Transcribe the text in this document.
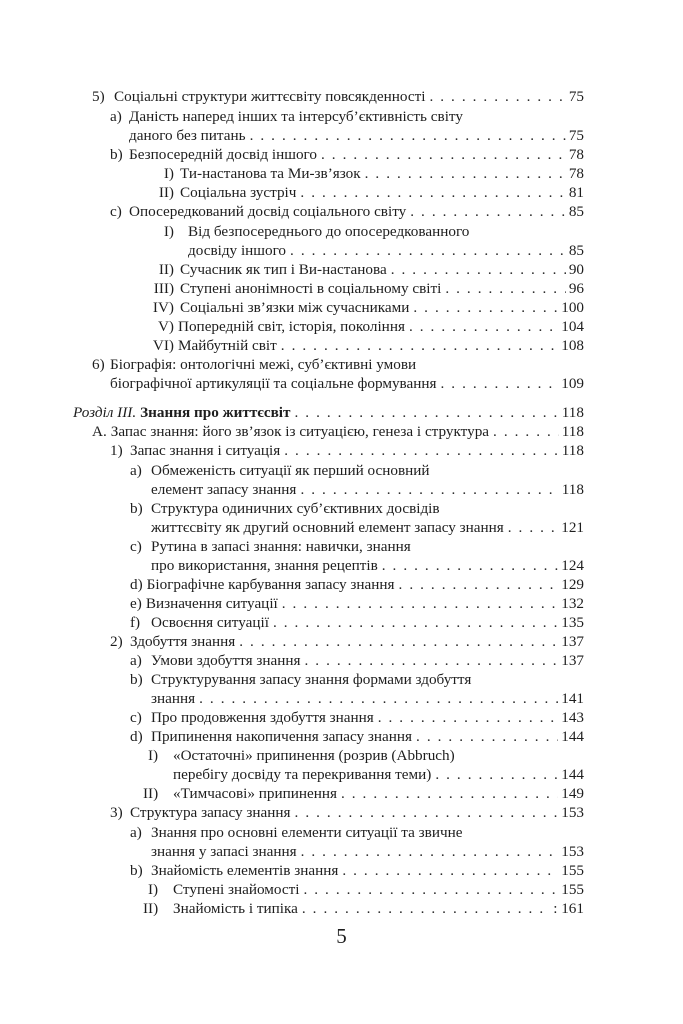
5) Соціальні структури життєсвіту повсякденності . . .	75
a) Даність наперед інших та інтерсуб’єктивність світу
даного без питань . . .	75
b) Безпосередній досвід іншого . . .	78
I) Ти-настанова та Ми-зв’язок . . .	78
II) Соціальна зустріч . . .	81
c) Опосередкований досвід соціального світу . . .	85
I) Від безпосереднього до опосередкованного
досвіду іншого . . .	85
II) Сучасник як тип і Ви-настанова . . .	90
III) Ступені анонімності в соціальному світі . . .	96
IV) Соціальні зв’язки між сучасниками . . .	100
V) Попередній світ, історія, покоління . . .	104
VI) Майбутній світ . . .	108
6) Біографія: онтологічні межі, суб’єктивні умови
біографічної артикуляції та соціальне формування . . .	109
Розділ III. Знання про життєсвіт . . .	118
A. Запас знання: його зв’язок із ситуацією, генеза і структура . . .	118
1) Запас знання і ситуація . . .	118
a) Обмеженість ситуації як перший основний
елемент запасу знання . . .	118
b) Структура одиничних суб’єктивних досвідів
життєсвіту як другий основний елемент запасу знання . . .	121
c) Рутина в запасі знання: навички, знання
про використання, знання рецептів . . .	124
d) Біографічне карбування запасу знання . . .	129
e) Визначення ситуації . . .	132
f) Освоєння ситуації . . .	135
2) Здобуття знання . . .	137
a) Умови здобуття знання . . .	137
b) Структурування запасу знання формами здобуття
знання . . .	141
c) Про продовження здобуття знання . . .	143
d) Припинення накопичення запасу знання . . .	144
I) «Остаточні» припинення (розрив (Abbruch)
перебігу досвіду та перекривання теми) . . .	144
II) «Тимчасові» припинення . . .	149
3) Структура запасу знання . . .	153
a) Знання про основні елементи ситуації та звичне
знання у запасі знання . . .	153
b) Знайомість елементів знання . . .	155
I) Ступені знайомості . . .	155
II) Знайомість і типіка . . .	: 161
5
